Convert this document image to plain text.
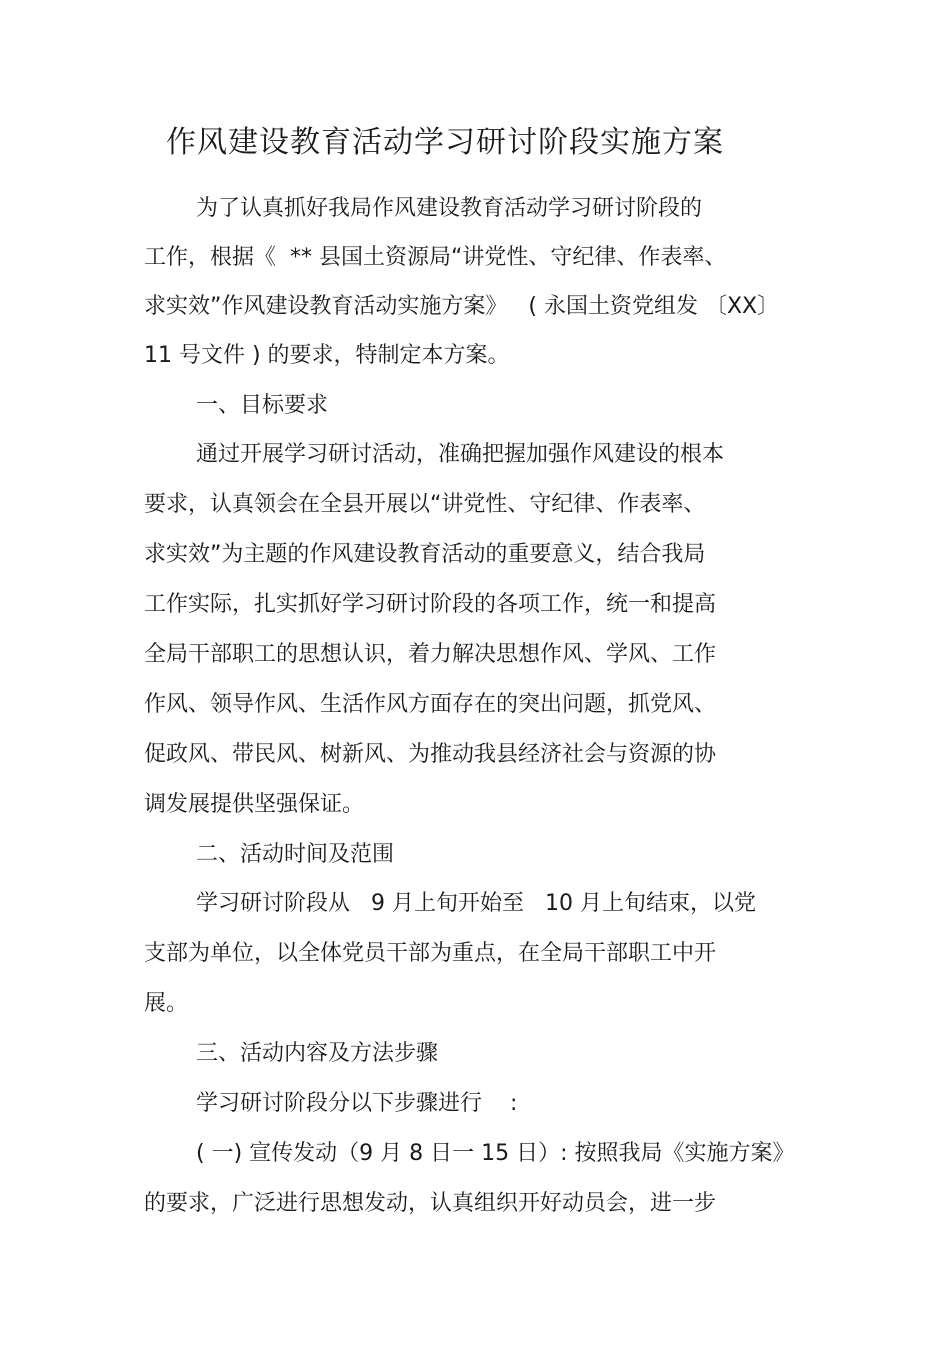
作风建设教育活动学习研讨阶段实施方案
为了认真抓好我局作风建设教育活动学习研讨阶段的
工作，根据《  ** 县国土资源局“讲党性、守纪律、作表率、
求实效”作风建设教育活动实施方案》   ( 永国土资党组发 〔XX〕
11 号文件 ) 的要求，特制定本方案。
一、目标要求
通过开展学习研讨活动，准确把握加强作风建设的根本
要求，认真领会在全县开展以“讲党性、守纪律、作表率、
求实效”为主题的作风建设教育活动的重要意义，结合我局
工作实际，扎实抓好学习研讨阶段的各项工作，统一和提高
全局干部职工的思想认识，着力解决思想作风、学风、工作
作风、领导作风、生活作风方面存在的突出问题，抓党风、
促政风、带民风、树新风、为推动我县经济社会与资源的协
调发展提供坚强保证。
二、活动时间及范围
学习研讨阶段从   9 月上旬开始至   10 月上旬结束，以党
支部为单位，以全体党员干部为重点，在全局干部职工中开
展。
三、活动内容及方法步骤
学习研讨阶段分以下步骤进行    :
( 一) 宣传发动（9 月 8 日一 15 日）: 按照我局《实施方案》
的要求，广泛进行思想发动，认真组织开好动员会，进一步
